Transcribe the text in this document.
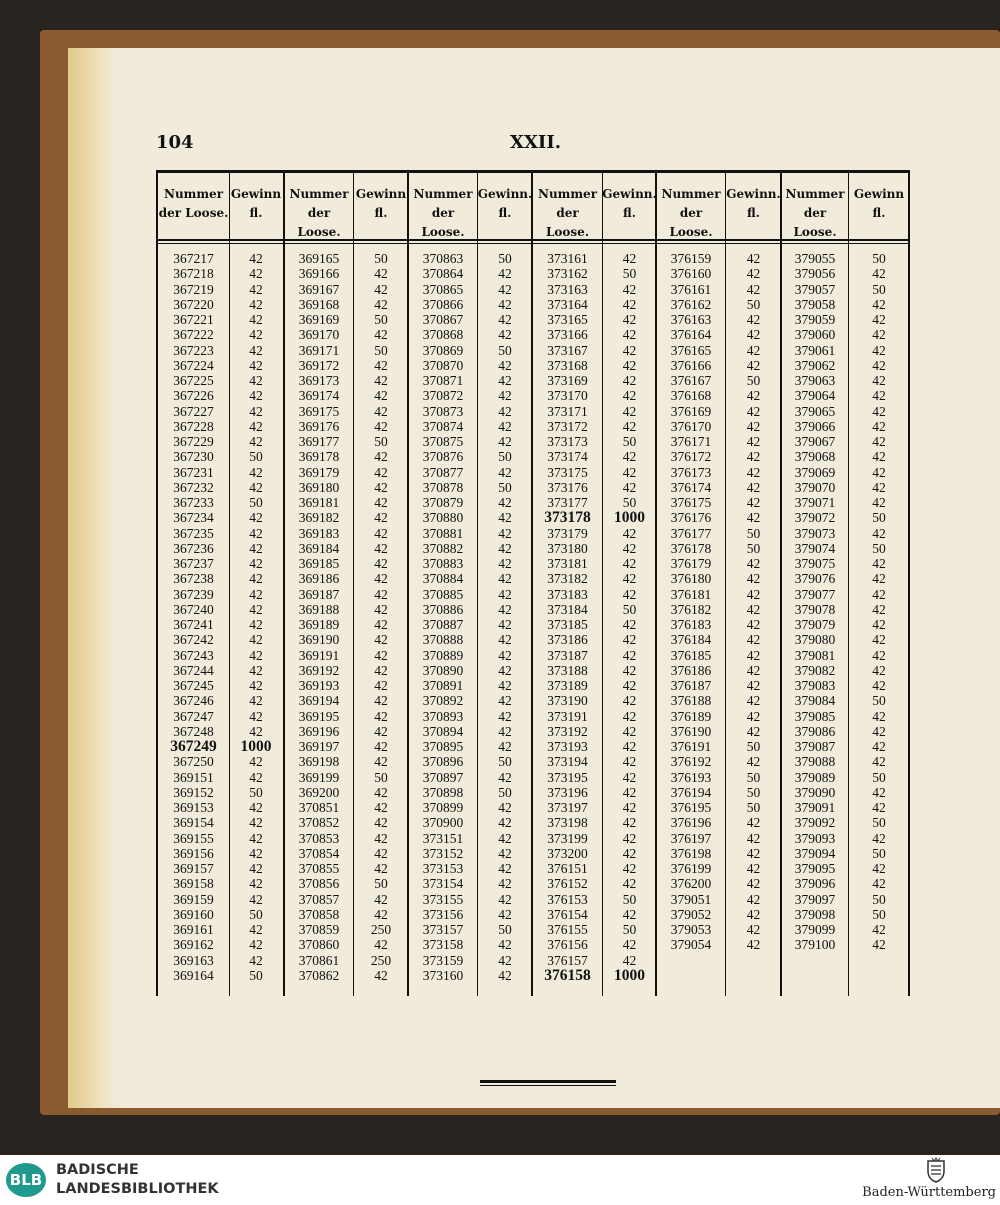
104	XXII.
Nummer
der Loose.
367217
367218
367219
367220
367221
367222
367223
367224
367225
367226
367227
367228
367229
367230
367231
367232
367233
367234
367235
367236
367237
367238
367239
367240
367241
367242
367243
367244
367245
367246
367247
367248
367249
367250
369151
369152
369153
369154
369155
369156
369157
369158
369159
369160
369161
369162
369163
369164
Gewinn
fl.
42
42
42
42
42
42
42
42
42
42
42
42
42
50
42
42
50
42
42
42
42
42
42
42
42
42
42
42
42
42
42
42
1000
42
42
50
42
42
42
42
42
42
42
50
42
42
42
50
Nummer
der Loose.
369165
369166
369167
369168
369169
369170
369171
369172
369173
369174
369175
369176
369177
369178
369179
369180
369181
369182
369183
369184
369185
369186
369187
369188
369189
369190
369191
369192
369193
369194
369195
369196
369197
369198
369199
369200
370851
370852
370853
370854
370855
370856
370857
370858
370859
370860
370861
370862
Gewinn
fl.
50
42
42
42
50
42
50
42
42
42
42
42
50
42
42
42
42
42
42
42
42
42
42
42
42
42
42
42
42
42
42
42
42
42
50
42
42
42
42
42
42
50
42
42
250
42
250
42
Nummer
der Loose.
370863
370864
370865
370866
370867
370868
370869
370870
370871
370872
370873
370874
370875
370876
370877
370878
370879
370880
370881
370882
370883
370884
370885
370886
370887
370888
370889
370890
370891
370892
370893
370894
370895
370896
370897
370898
370899
370900
373151
373152
373153
373154
373155
373156
373157
373158
373159
373160
Gewinn.
fl.
50
42
42
42
42
42
50
42
42
42
42
42
42
50
42
50
42
42
42
42
42
42
42
42
42
42
42
42
42
42
42
42
42
50
42
50
42
42
42
42
42
42
42
42
50
42
42
42
Nummer
der Loose.
373161
373162
373163
373164
373165
373166
373167
373168
373169
373170
373171
373172
373173
373174
373175
373176
373177
373178
373179
373180
373181
373182
373183
373184
373185
373186
373187
373188
373189
373190
373191
373192
373193
373194
373195
373196
373197
373198
373199
373200
376151
376152
376153
376154
376155
376156
376157
376158
Gewinn.
fl.
42
50
42
42
42
42
42
42
42
42
42
42
50
42
42
42
50
1000
42
42
42
42
42
50
42
42
42
42
42
42
42
42
42
42
42
42
42
42
42
42
42
42
50
42
50
42
42
1000
Nummer
der Loose.
376159
376160
376161
376162
376163
376164
376165
376166
376167
376168
376169
376170
376171
376172
376173
376174
376175
376176
376177
376178
376179
376180
376181
376182
376183
376184
376185
376186
376187
376188
376189
376190
376191
376192
376193
376194
376195
376196
376197
376198
376199
376200
379051
379052
379053
379054
Gewinn.
fl.
42
42
42
50
42
42
42
42
50
42
42
42
42
42
42
42
42
42
50
50
42
42
42
42
42
42
42
42
42
42
42
42
50
42
50
50
50
42
42
42
42
42
42
42
42
42
Nummer
der Loose.
379055
379056
379057
379058
379059
379060
379061
379062
379063
379064
379065
379066
379067
379068
379069
379070
379071
379072
379073
379074
379075
379076
379077
379078
379079
379080
379081
379082
379083
379084
379085
379086
379087
379088
379089
379090
379091
379092
379093
379094
379095
379096
379097
379098
379099
379100
Gewinn
fl.
50
42
50
42
42
42
42
42
42
42
42
42
42
42
42
42
42
50
42
50
42
42
42
42
42
42
42
42
42
50
42
42
42
42
50
42
42
50
42
50
42
42
50
50
42
42
BLB
BADISCHE
LANDESBIBLIOTHEK	Baden-Württemberg
